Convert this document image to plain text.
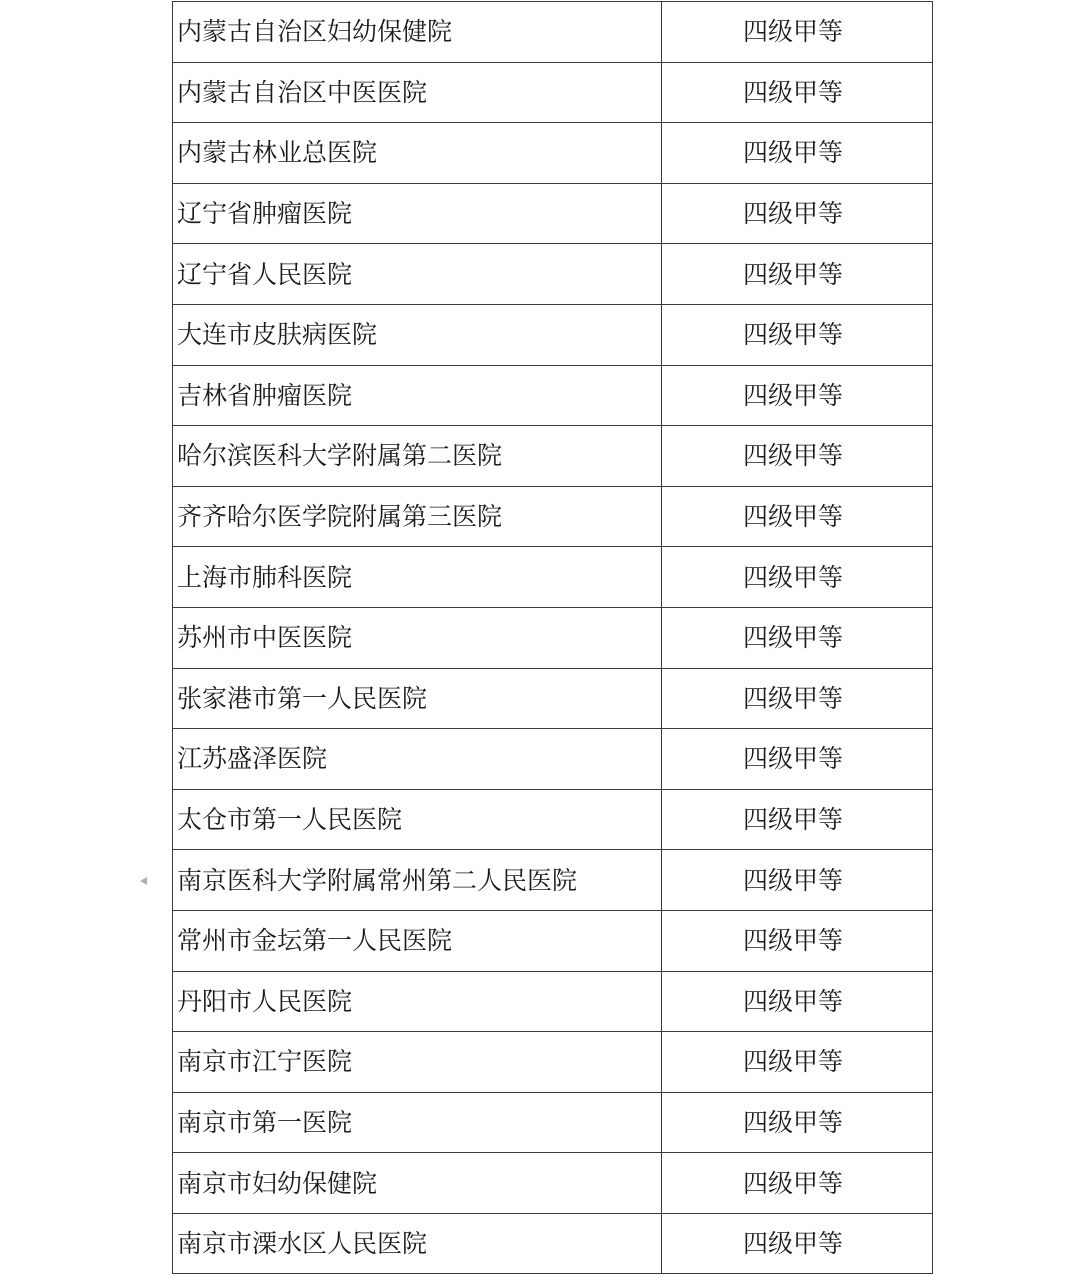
内蒙古自治区妇幼保健院	四级甲等
内蒙古自治区中医医院	四级甲等
内蒙古林业总医院	四级甲等
辽宁省肿瘤医院	四级甲等
辽宁省人民医院	四级甲等
大连市皮肤病医院	四级甲等
吉林省肿瘤医院	四级甲等
哈尔滨医科大学附属第二医院	四级甲等
齐齐哈尔医学院附属第三医院	四级甲等
上海市肺科医院	四级甲等
苏州市中医医院	四级甲等
张家港市第一人民医院	四级甲等
江苏盛泽医院	四级甲等
太仓市第一人民医院	四级甲等
南京医科大学附属常州第二人民医院	四级甲等
常州市金坛第一人民医院	四级甲等
丹阳市人民医院	四级甲等
南京市江宁医院	四级甲等
南京市第一医院	四级甲等
南京市妇幼保健院	四级甲等
南京市溧水区人民医院	四级甲等
